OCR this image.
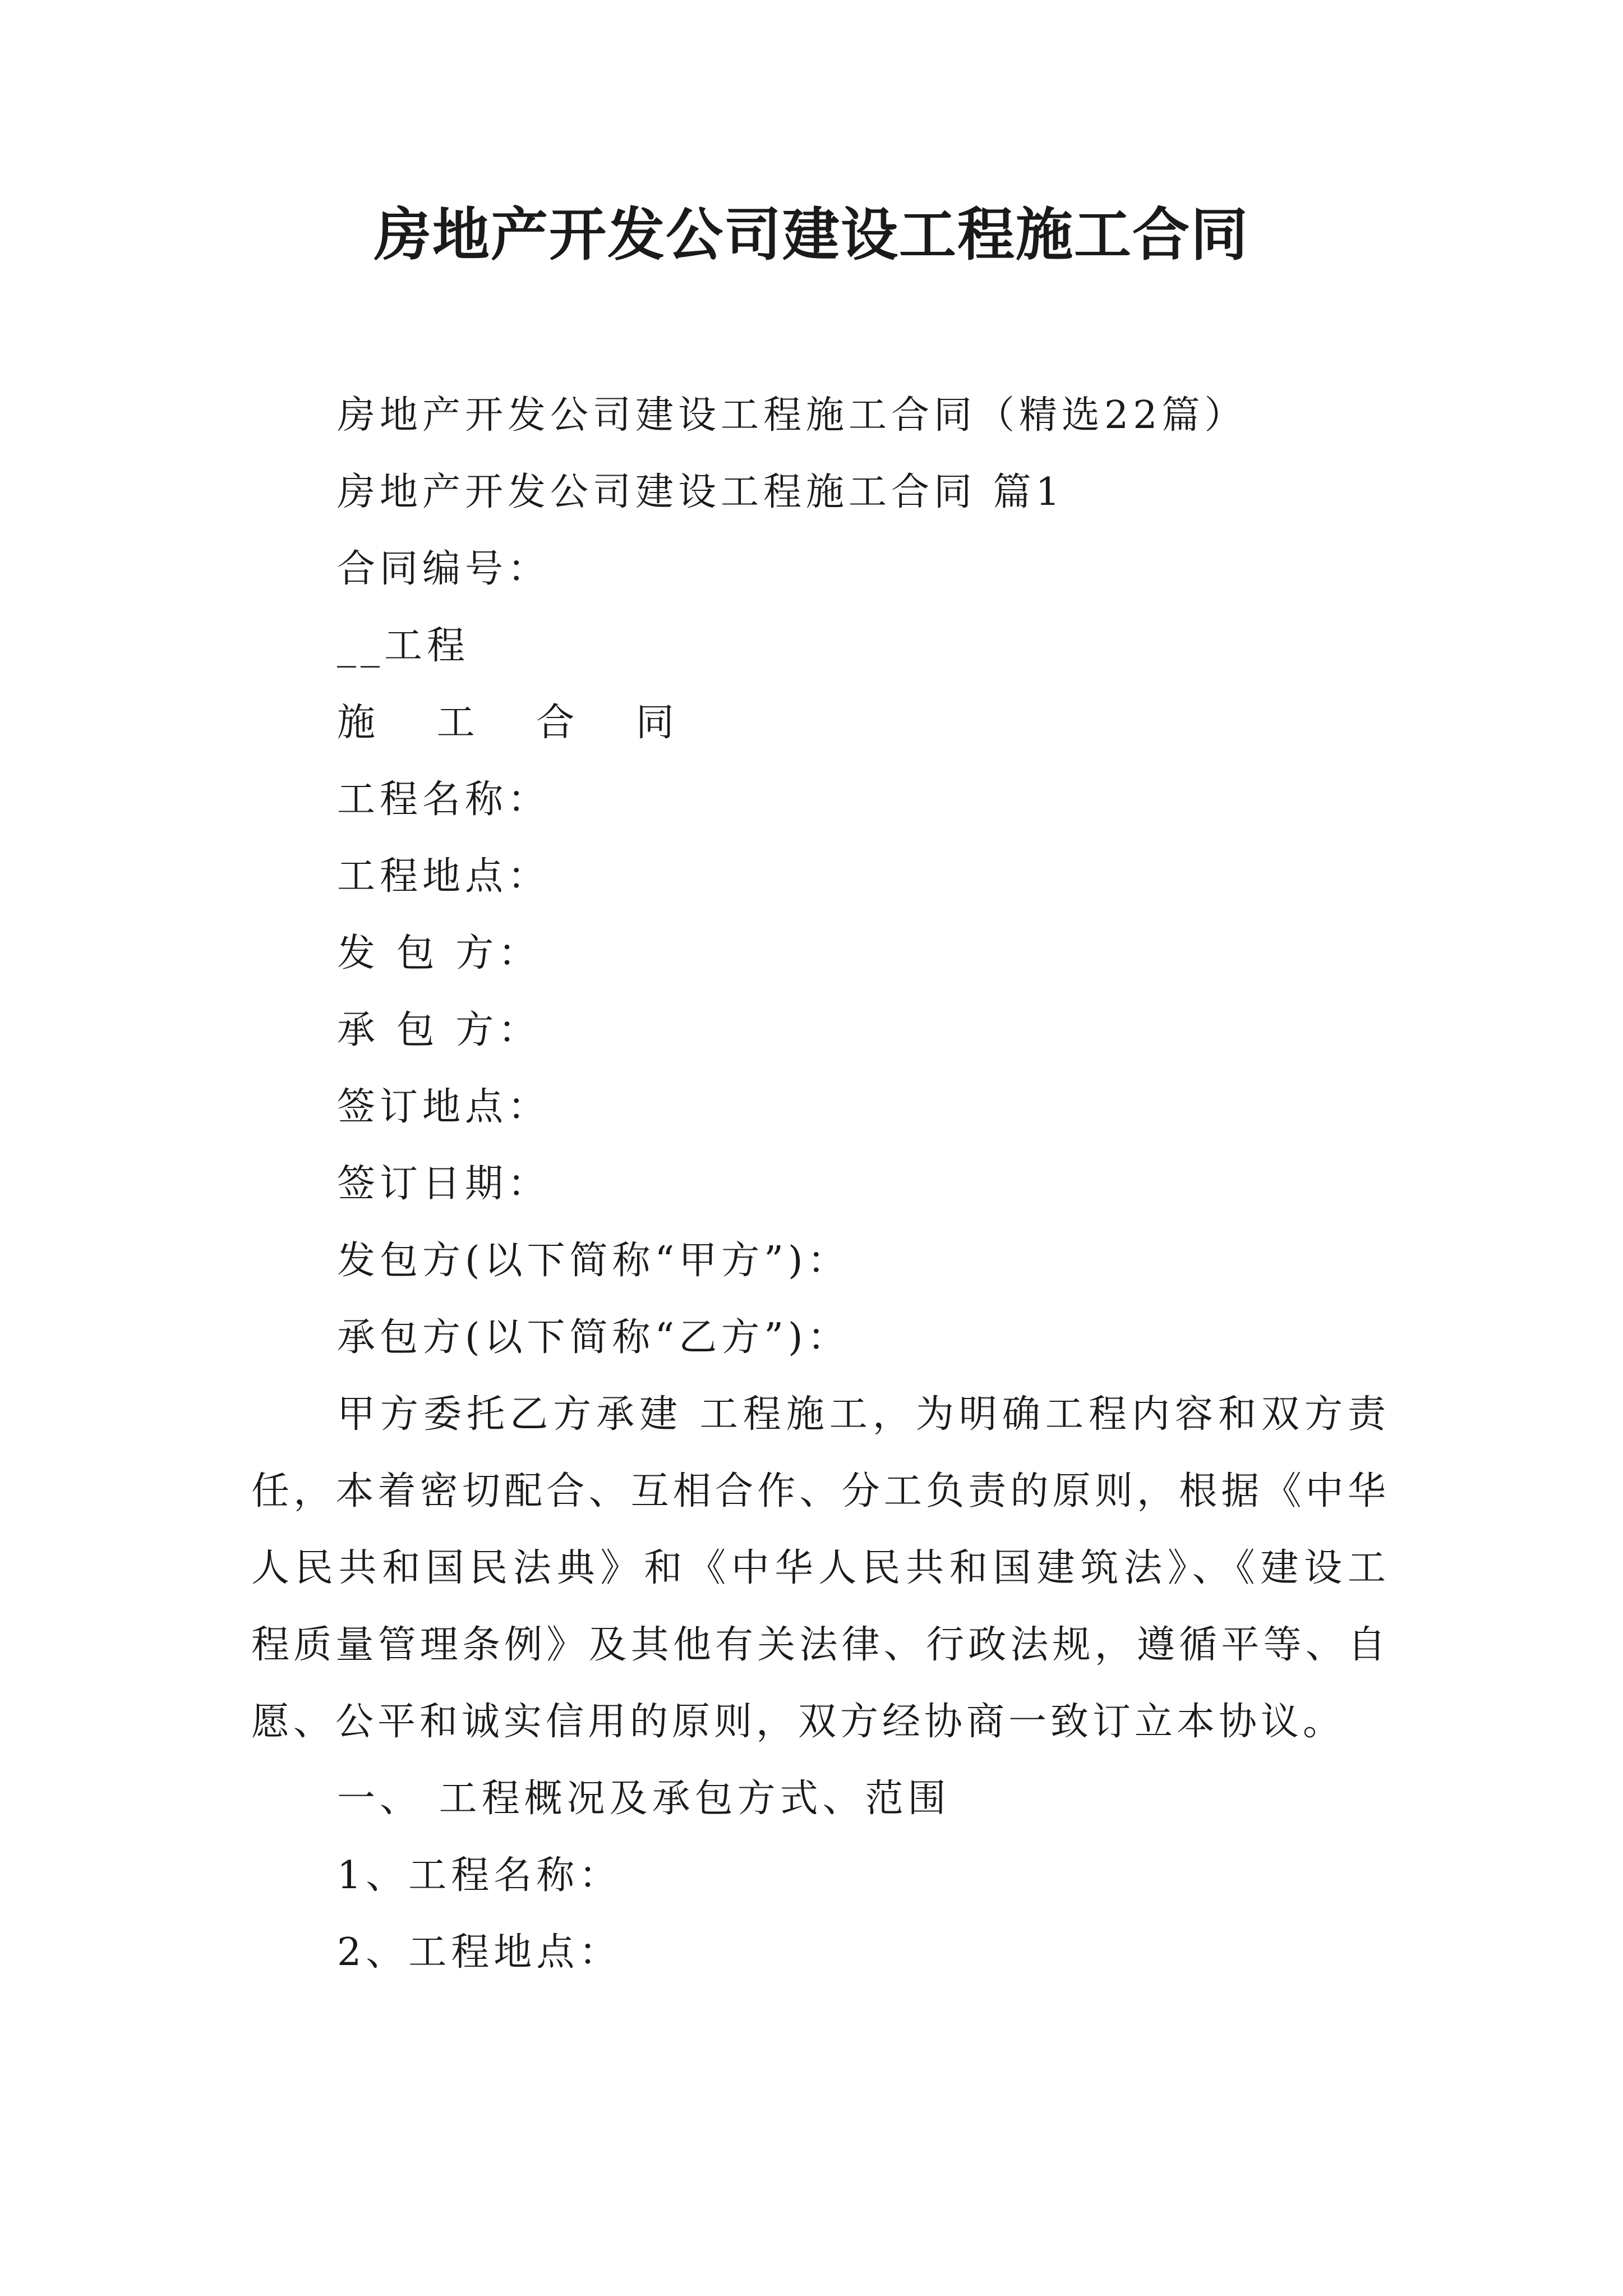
房地产开发公司建设工程施工合同

房地产开发公司建设工程施工合同（精选22篇）

房地产开发公司建设工程施工合同 篇1

合同编号：

__工程

施 工 合 同

工程名称：

工程地点：

发 包 方：

承 包 方：

签订地点：

签订日期：

发包方(以下简称“甲方”)：

承包方(以下简称“乙方”)：

甲方委托乙方承建 工程施工，为明确工程内容和双方责任，本着密切配合、互相合作、分工负责的原则，根据《中华人民共和国民法典》和《中华人民共和国建筑法》、《建设工程质量管理条例》及其他有关法律、行政法规，遵循平等、自愿、公平和诚实信用的原则，双方经协商一致订立本协议。

一、 工程概况及承包方式、范围

1、工程名称：

2、工程地点：
